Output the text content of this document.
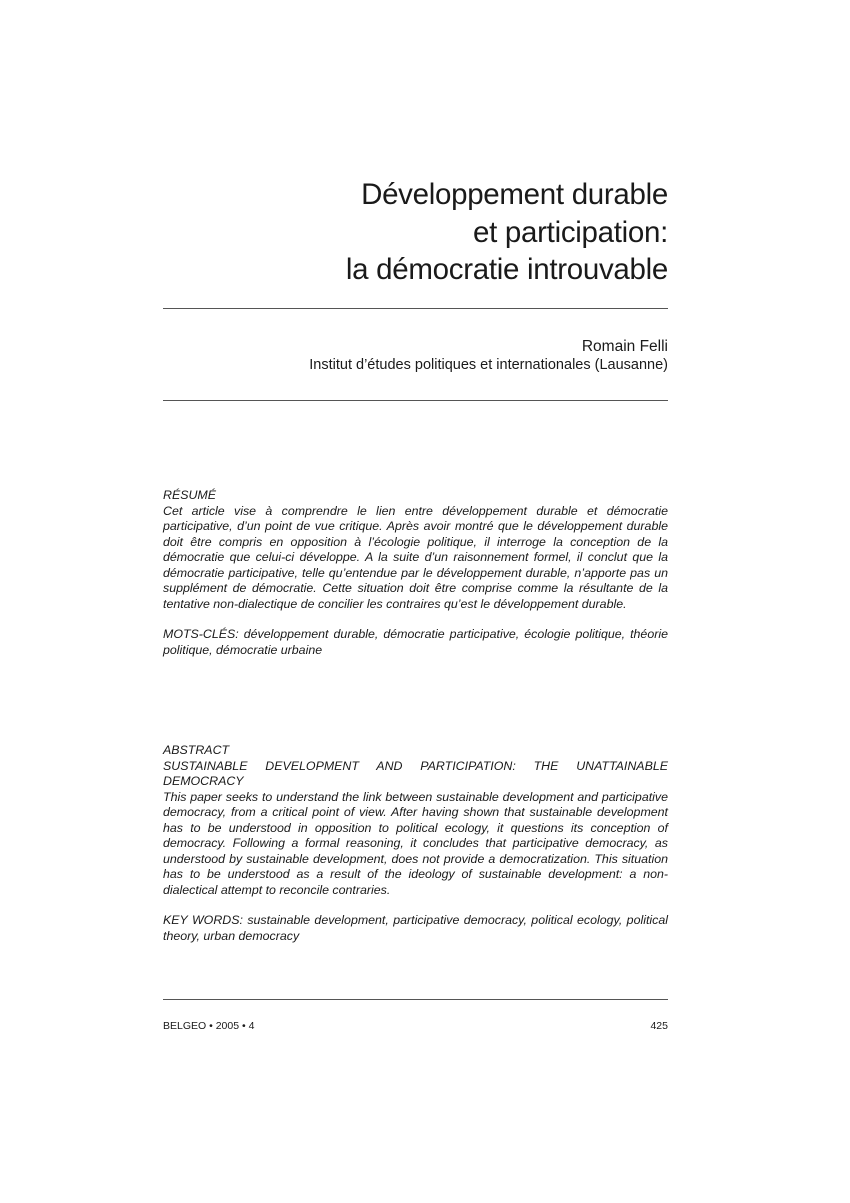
Développement durable
et participation:
la démocratie introuvable
Romain Felli
Institut d’études politiques et internationales (Lausanne)

RÉSUMÉ

Cet article vise à comprendre le lien entre développement durable et démocratie participative, d’un point de vue critique. Après avoir montré que le développement durable doit être compris en opposition à l’écologie politique, il interroge la conception de la démocratie que celui-ci développe. A la suite d’un raisonnement formel, il conclut que la démocratie participative, telle qu’entendue par le développement durable, n’apporte pas un supplément de démocratie. Cette situation doit être comprise comme la résultante de la tentative non-dialectique de concilier les contraires qu’est le développement durable.

MOTS-CLÉS: développement durable, démocratie participative, écologie politique, théorie politique, démocratie urbaine

ABSTRACT

SUSTAINABLE DEVELOPMENT AND PARTICIPATION: THE UNATTAINABLE DEMOCRACY

This paper seeks to understand the link between sustainable development and participative democracy, from a critical point of view. After having shown that sustainable development has to be understood in opposition to political ecology, it questions its conception of democracy. Following a formal reasoning, it concludes that participative democracy, as understood by sustainable development, does not provide a democratization. This situation has to be understood as a result of the ideology of sustainable development: a non-dialectical attempt to reconcile contraries.

KEY WORDS: sustainable development, participative democracy, political ecology, political theory, urban democracy

BELGEO • 2005 • 4	425
